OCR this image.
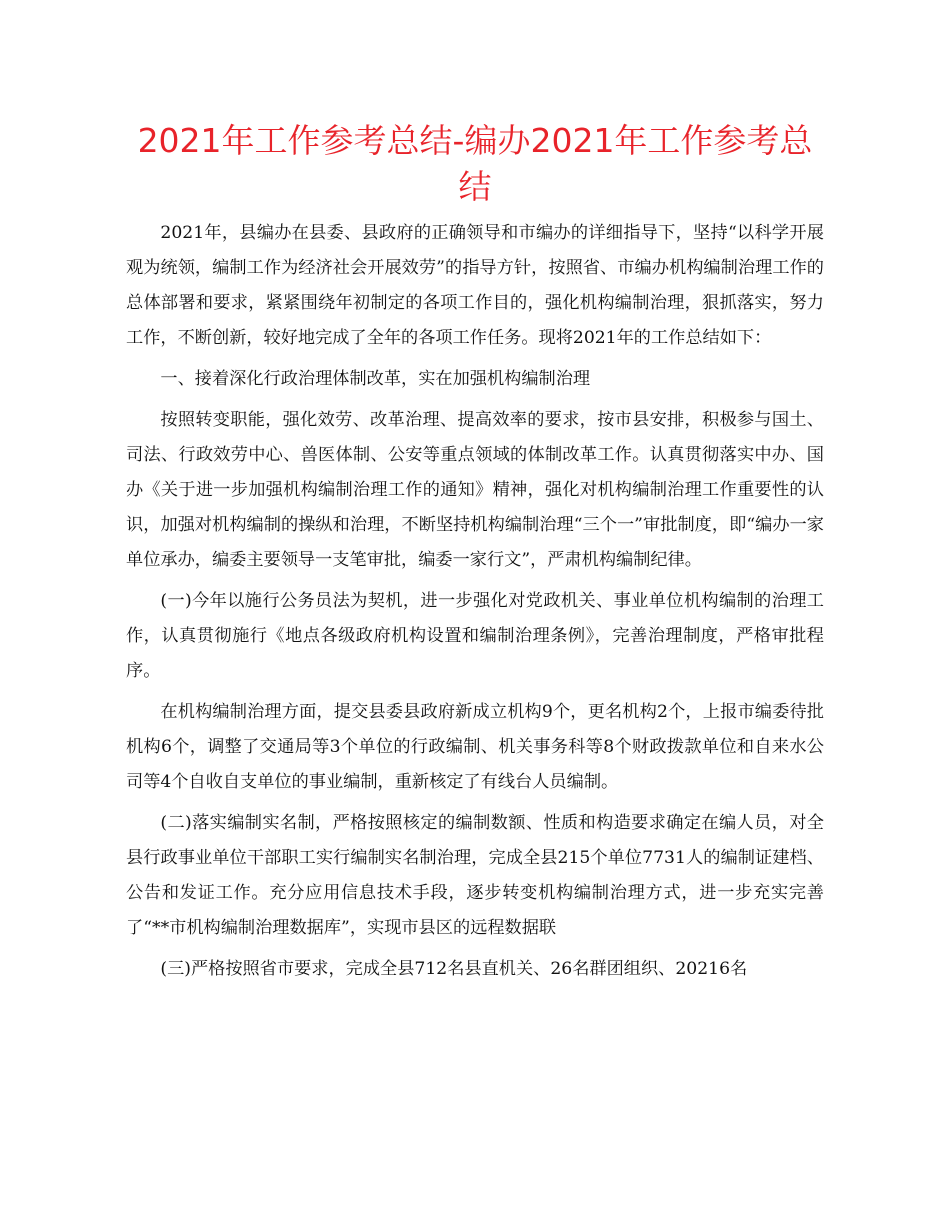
2021年工作参考总结-编办2021年工作参考总结

2021年，县编办在县委、县政府的正确领导和市编办的详细指导下，坚持“以科学开展观为统领，编制工作为经济社会开展效劳”的指导方针，按照省、市编办机构编制治理工作的总体部署和要求，紧紧围绕年初制定的各项工作目的，强化机构编制治理，狠抓落实，努力工作，不断创新，较好地完成了全年的各项工作任务。现将2021年的工作总结如下：

一、接着深化行政治理体制改革，实在加强机构编制治理

按照转变职能，强化效劳、改革治理、提高效率的要求，按市县安排，积极参与国土、司法、行政效劳中心、兽医体制、公安等重点领域的体制改革工作。认真贯彻落实中办、国办《关于进一步加强机构编制治理工作的通知》精神，强化对机构编制治理工作重要性的认识，加强对机构编制的操纵和治理，不断坚持机构编制治理“三个一”审批制度，即“编办一家单位承办，编委主要领导一支笔审批，编委一家行文”，严肃机构编制纪律。

(一)今年以施行公务员法为契机，进一步强化对党政机关、事业单位机构编制的治理工作，认真贯彻施行《地点各级政府机构设置和编制治理条例》，完善治理制度，严格审批程序。

在机构编制治理方面，提交县委县政府新成立机构9个，更名机构2个，上报市编委待批机构6个，调整了交通局等3个单位的行政编制、机关事务科等8个财政拨款单位和自来水公司等4个自收自支单位的事业编制，重新核定了有线台人员编制。

(二)落实编制实名制，严格按照核定的编制数额、性质和构造要求确定在编人员，对全县行政事业单位干部职工实行编制实名制治理，完成全县215个单位7731人的编制证建档、公告和发证工作。充分应用信息技术手段，逐步转变机构编制治理方式，进一步充实完善了“**市机构编制治理数据库”，实现市县区的远程数据联

(三)严格按照省市要求，完成全县712名县直机关、26名群团组织、20216名
